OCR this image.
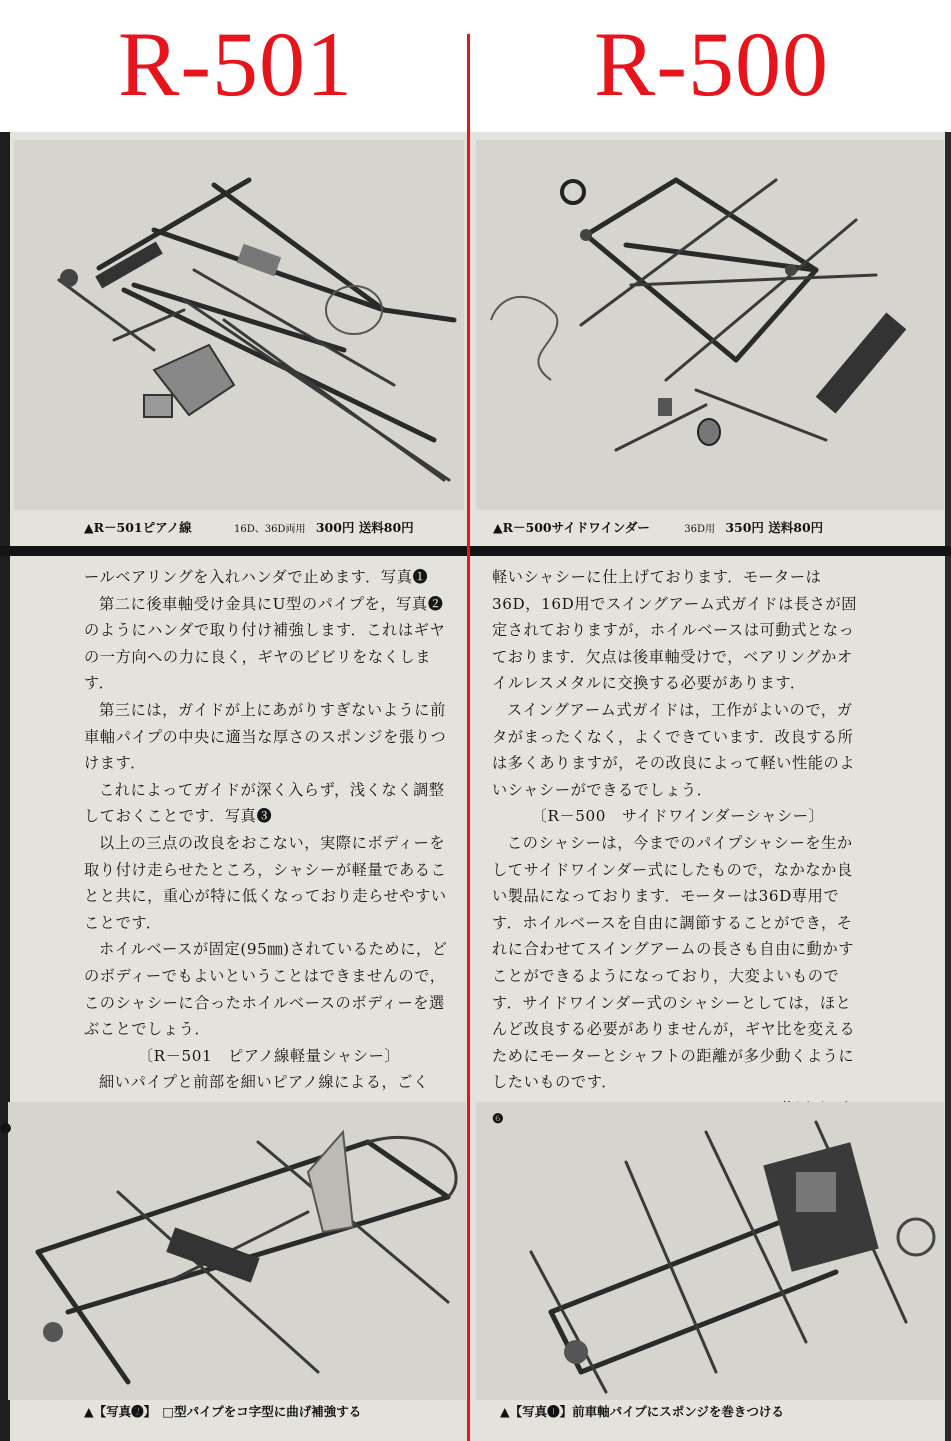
R-501	R-500
▲R－501ピアノ線	16D、36D両用 300円 送料80円	▲R－500サイドワインダー	36D用 350円 送料80円

ールベアリングを入れハンダで止めます．写真❶

第二に後車軸受け金具にU型のパイプを，写真❷のようにハンダで取り付け補強します．これはギヤの一方向への力に良く，ギヤのビビリをなくします．

第三には，ガイドが上にあがりすぎないように前車軸パイプの中央に適当な厚さのスポンジを張りつけます．

これによってガイドが深く入らず，浅くなく調整しておくことです．写真❸

以上の三点の改良をおこない，実際にボディーを取り付け走らせたところ，シャシーが軽量であることと共に，重心が特に低くなっており走らせやすいことです．

ホイルベースが固定(95㎜)されているために，どのボディーでもよいということはできませんので，このシャシーに合ったホイルベースのボディーを選ぶことでしょう．

〔R－501　ピアノ線軽量シャシー〕

細いパイプと前部を細いピアノ線による，ごく

軽いシャシーに仕上げております．モーターは36D，16D用でスイングアーム式ガイドは長さが固定されておりますが，ホイルベースは可動式となっております．欠点は後車軸受けで，ベアリングかオイルレスメタルに交換する必要があります．

スイングアーム式ガイドは，工作がよいので，ガタがまったくなく，よくできています．改良する所は多くありますが，その改良によって軽い性能のよいシャシーができるでしょう．

〔R－500　サイドワインダーシャシー〕

このシャシーは，今までのパイプシャシーを生かしてサイドワインダー式にしたもので，なかなか良い製品になっております．モーターは36D専用です．ホイルベースを自由に調節することができ，それに合わせてスイングアームの長さも自由に動かすことができるようになっており，大変よいものです．サイドワインダー式のシャシーとしては，ほとんど改良する必要がありませんが，ギヤ比を変えるためにモーターとシャフトの距離が多少動くようにしたいものです．

❷
▲【写真❷】　□型パイプをコ字型に曲げ補強する
❻
▲【写真❶】前車軸パイプにスポンジを巻きつける
